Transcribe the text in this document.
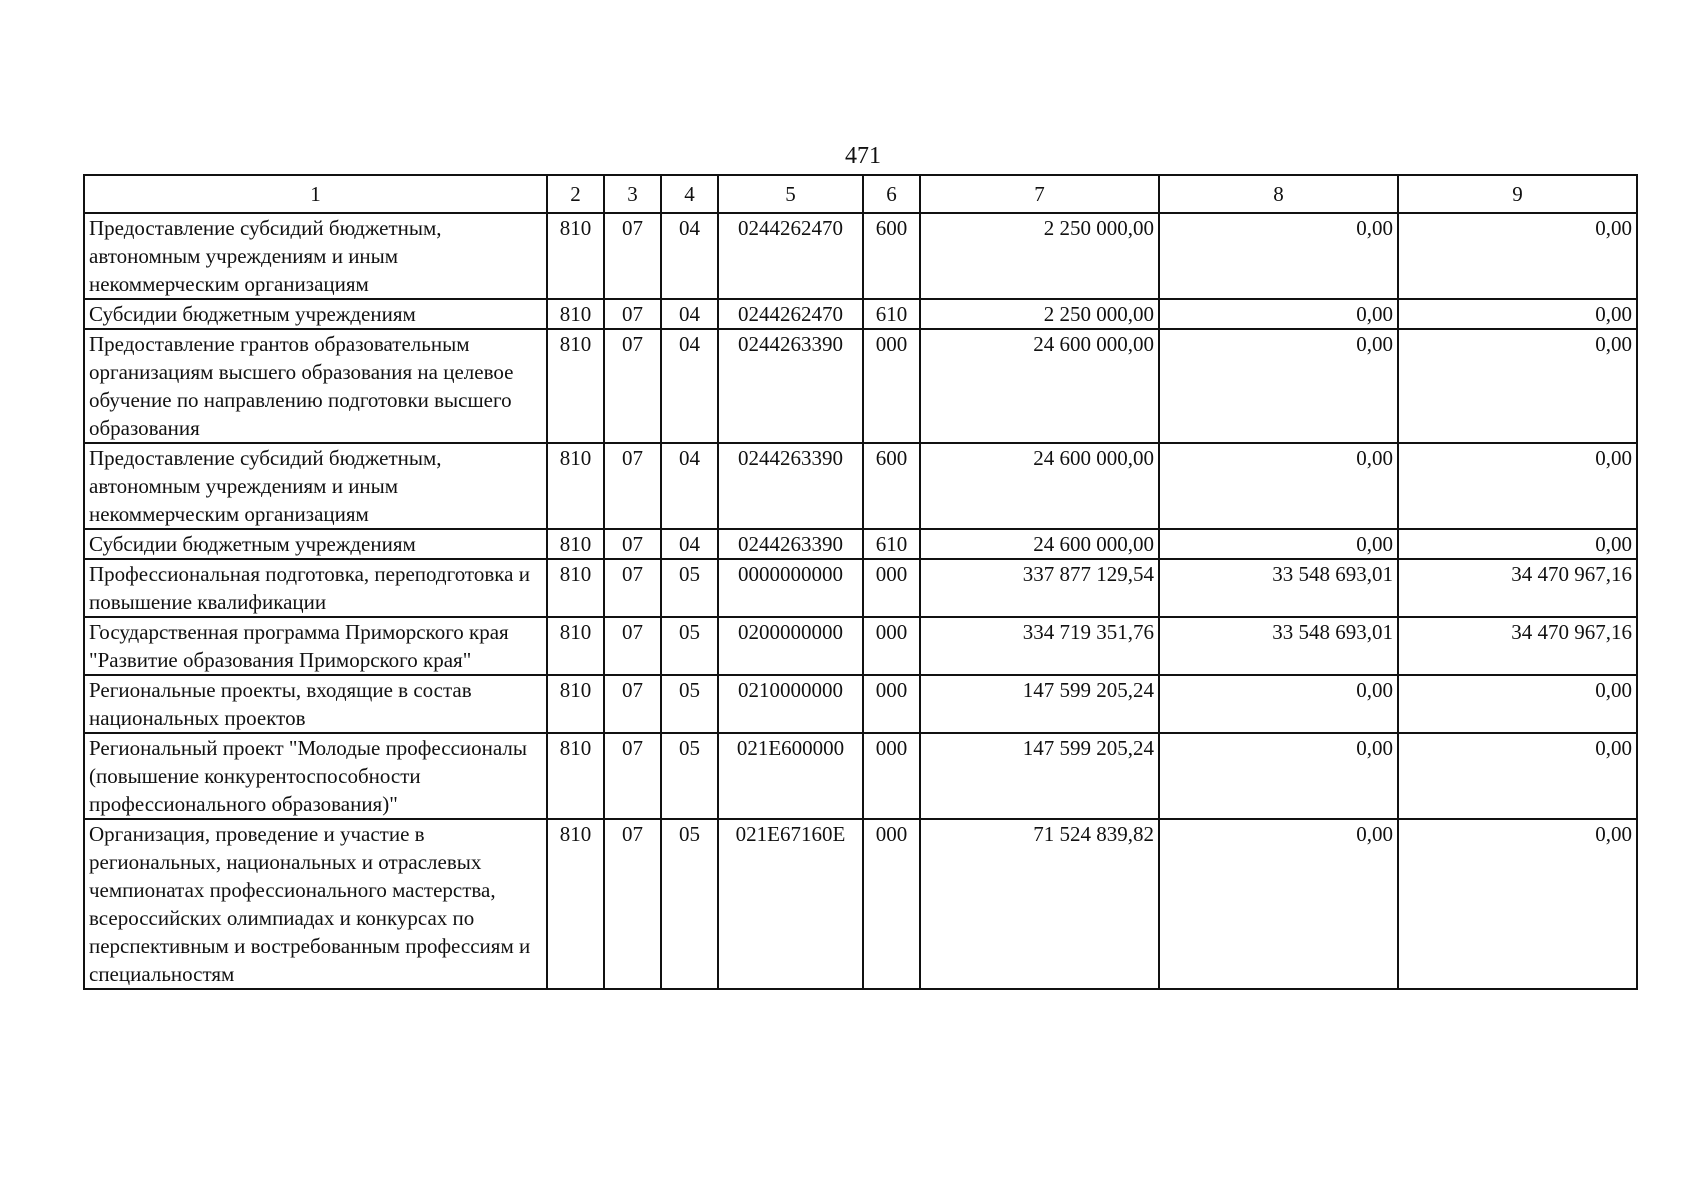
471
1	2	3	4	5	6	7	8	9
Предоставление субсидий бюджетным, автономным учреждениям и иным некоммерческим организациям	810	07	04	0244262470	600	2 250 000,00	0,00	0,00
Субсидии бюджетным учреждениям	810	07	04	0244262470	610	2 250 000,00	0,00	0,00
Предоставление грантов образовательным организациям высшего образования на целевое обучение по направлению подготовки высшего образования	810	07	04	0244263390	000	24 600 000,00	0,00	0,00
Предоставление субсидий бюджетным, автономным учреждениям и иным некоммерческим организациям	810	07	04	0244263390	600	24 600 000,00	0,00	0,00
Субсидии бюджетным учреждениям	810	07	04	0244263390	610	24 600 000,00	0,00	0,00
Профессиональная подготовка, переподготовка и повышение квалификации	810	07	05	0000000000	000	337 877 129,54	33 548 693,01	34 470 967,16
Государственная программа Приморского края "Развитие образования Приморского края"	810	07	05	0200000000	000	334 719 351,76	33 548 693,01	34 470 967,16
Региональные проекты, входящие в состав национальных проектов	810	07	05	0210000000	000	147 599 205,24	0,00	0,00
Региональный проект "Молодые профессионалы (повышение конкурентоспособности профессионального образования)"	810	07	05	021E600000	000	147 599 205,24	0,00	0,00
Организация, проведение и участие в региональных, национальных и отраслевых чемпионатах профессионального мастерства, всероссийских олимпиадах и конкурсах по перспективным и востребованным профессиям и специальностям	810	07	05	021E67160E	000	71 524 839,82	0,00	0,00
